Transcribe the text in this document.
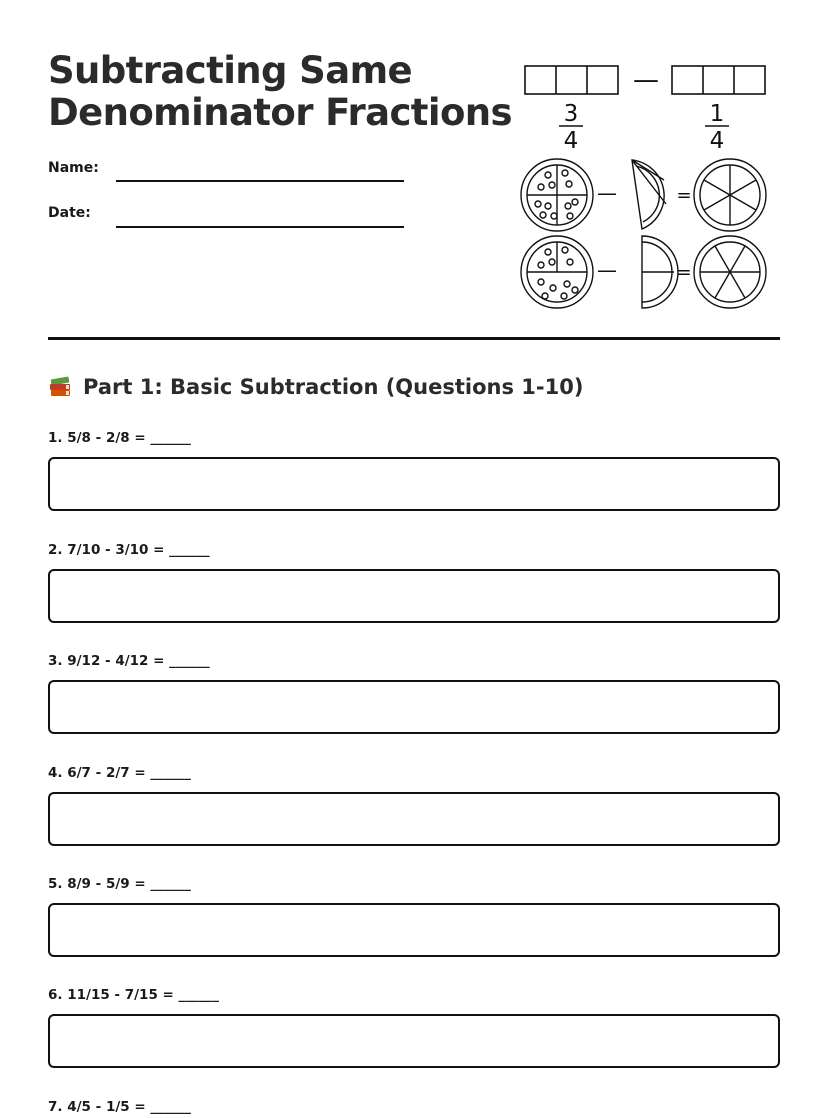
Subtracting Same
Denominator Fractions
Name:
Date:
—
3
4
1
4
—	=
—	=
Part 1: Basic Subtraction (Questions 1-10)
1. 5/8 - 2/8 = ______
2. 7/10 - 3/10 = ______
3. 9/12 - 4/12 = ______
4. 6/7 - 2/7 = ______
5. 8/9 - 5/9 = ______
6. 11/15 - 7/15 = ______
7. 4/5 - 1/5 = ______
